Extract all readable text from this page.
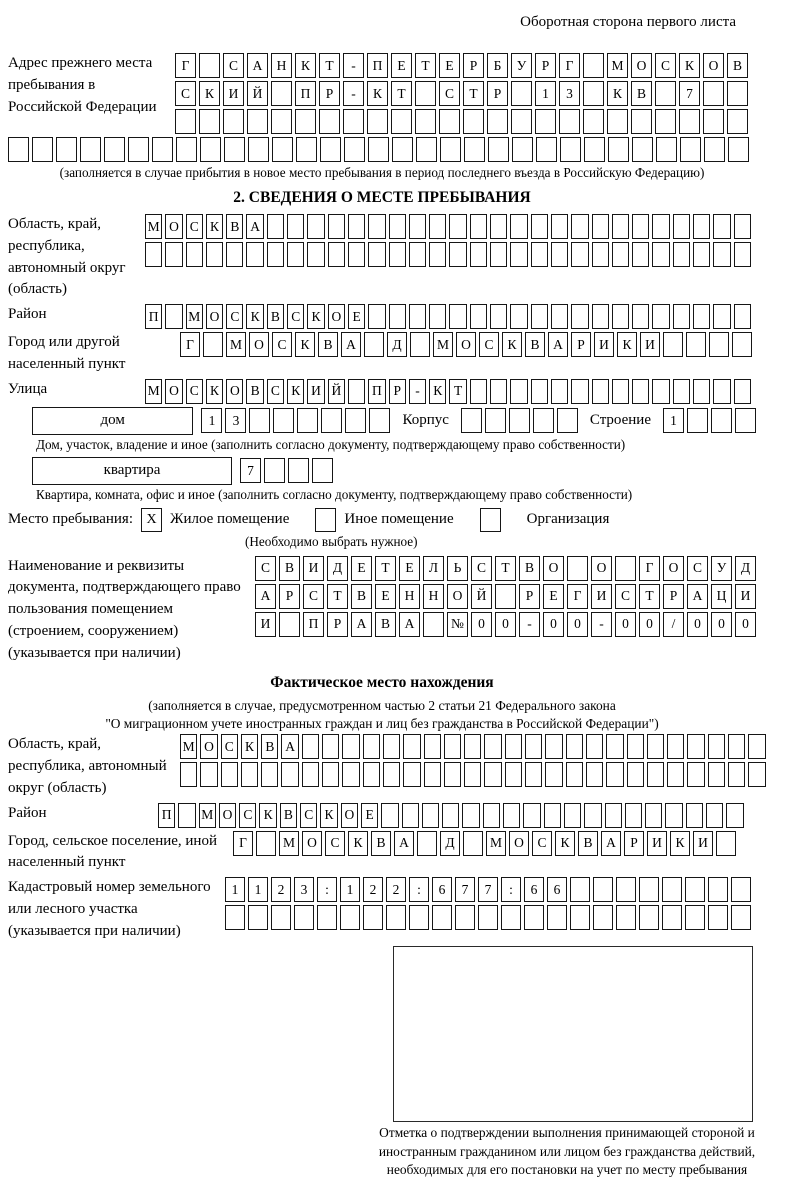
Оборотная сторона первого листа
Адрес прежнего места пребывания в Российской Федерации
Г	С	А	Н	К	Т	-	П	Е	Т	Е	Р	Б	У	Р	Г	М О	С	К	О	В
С	К	И	Й	П	Р	-	К	Т	С	Т	Р	1	3	К	В	7
(заполняется в случае прибытия в новое место пребывания в период последнего въезда в Российскую Федерацию)
2. СВЕДЕНИЯ О МЕСТЕ ПРЕБЫВАНИЯ
Область, край, республика, автономный округ (область)
М О С К В А
Район	П М О С К В С К О Е
Город или другой населенный пункт
Г	М О	С	К	В	А	Д	М О	С	К	В	А	Р	И	К	И
Улица	М О С К О В С К И Й П Р	-	К Т
дом	1	3	Корпус	Строение	1
Дом, участок, владение и иное (заполнить согласно документу, подтверждающему право собственности)
квартира	7
Квартира, комната, офис и иное (заполнить согласно документу, подтверждающему право собственности)
Место пребывания: X Жилое помещение	Иное помещение	Организация
(Необходимо выбрать нужное)
Наименование и реквизиты документа, подтверждающего право пользования помещением (строением, сооружением) (указывается при наличии)
С	В	И	Д	Е	Т	Е	Л	Ь	С	Т	В	О	О	Г	О	С	У	Д
А	Р	С	Т	В	Е	Н	Н	О	Й	Р	Е	Г	И	С	Т	Р	А	Ц	И
И	П	Р	А	В	А	№	0	0	-	0	0	-	0	0	/	0	0	0
Фактическое место нахождения
(заполняется в случае, предусмотренном частью 2 статьи 21 Федерального закона
"О миграционном учете иностранных граждан и лиц без гражданства в Российской Федерации")
Область, край, республика, автономный округ (область)
М О С К В А
Район	П М О С К В С К О Е
Город, сельское поселение, иной населенный пункт
Г	М О	С	К	В	А	Д	М О	С	К	В	А	Р	И	К	И
Кадастровый номер земельного или лесного участка (указывается при наличии)
1	1	2	3	:	1	2	2	:	6	7	7	:	6	6
Отметка о подтверждении выполнения принимающей стороной и иностранным гражданином или лицом без гражданства действий, необходимых для его постановки на учет по месту пребывания
